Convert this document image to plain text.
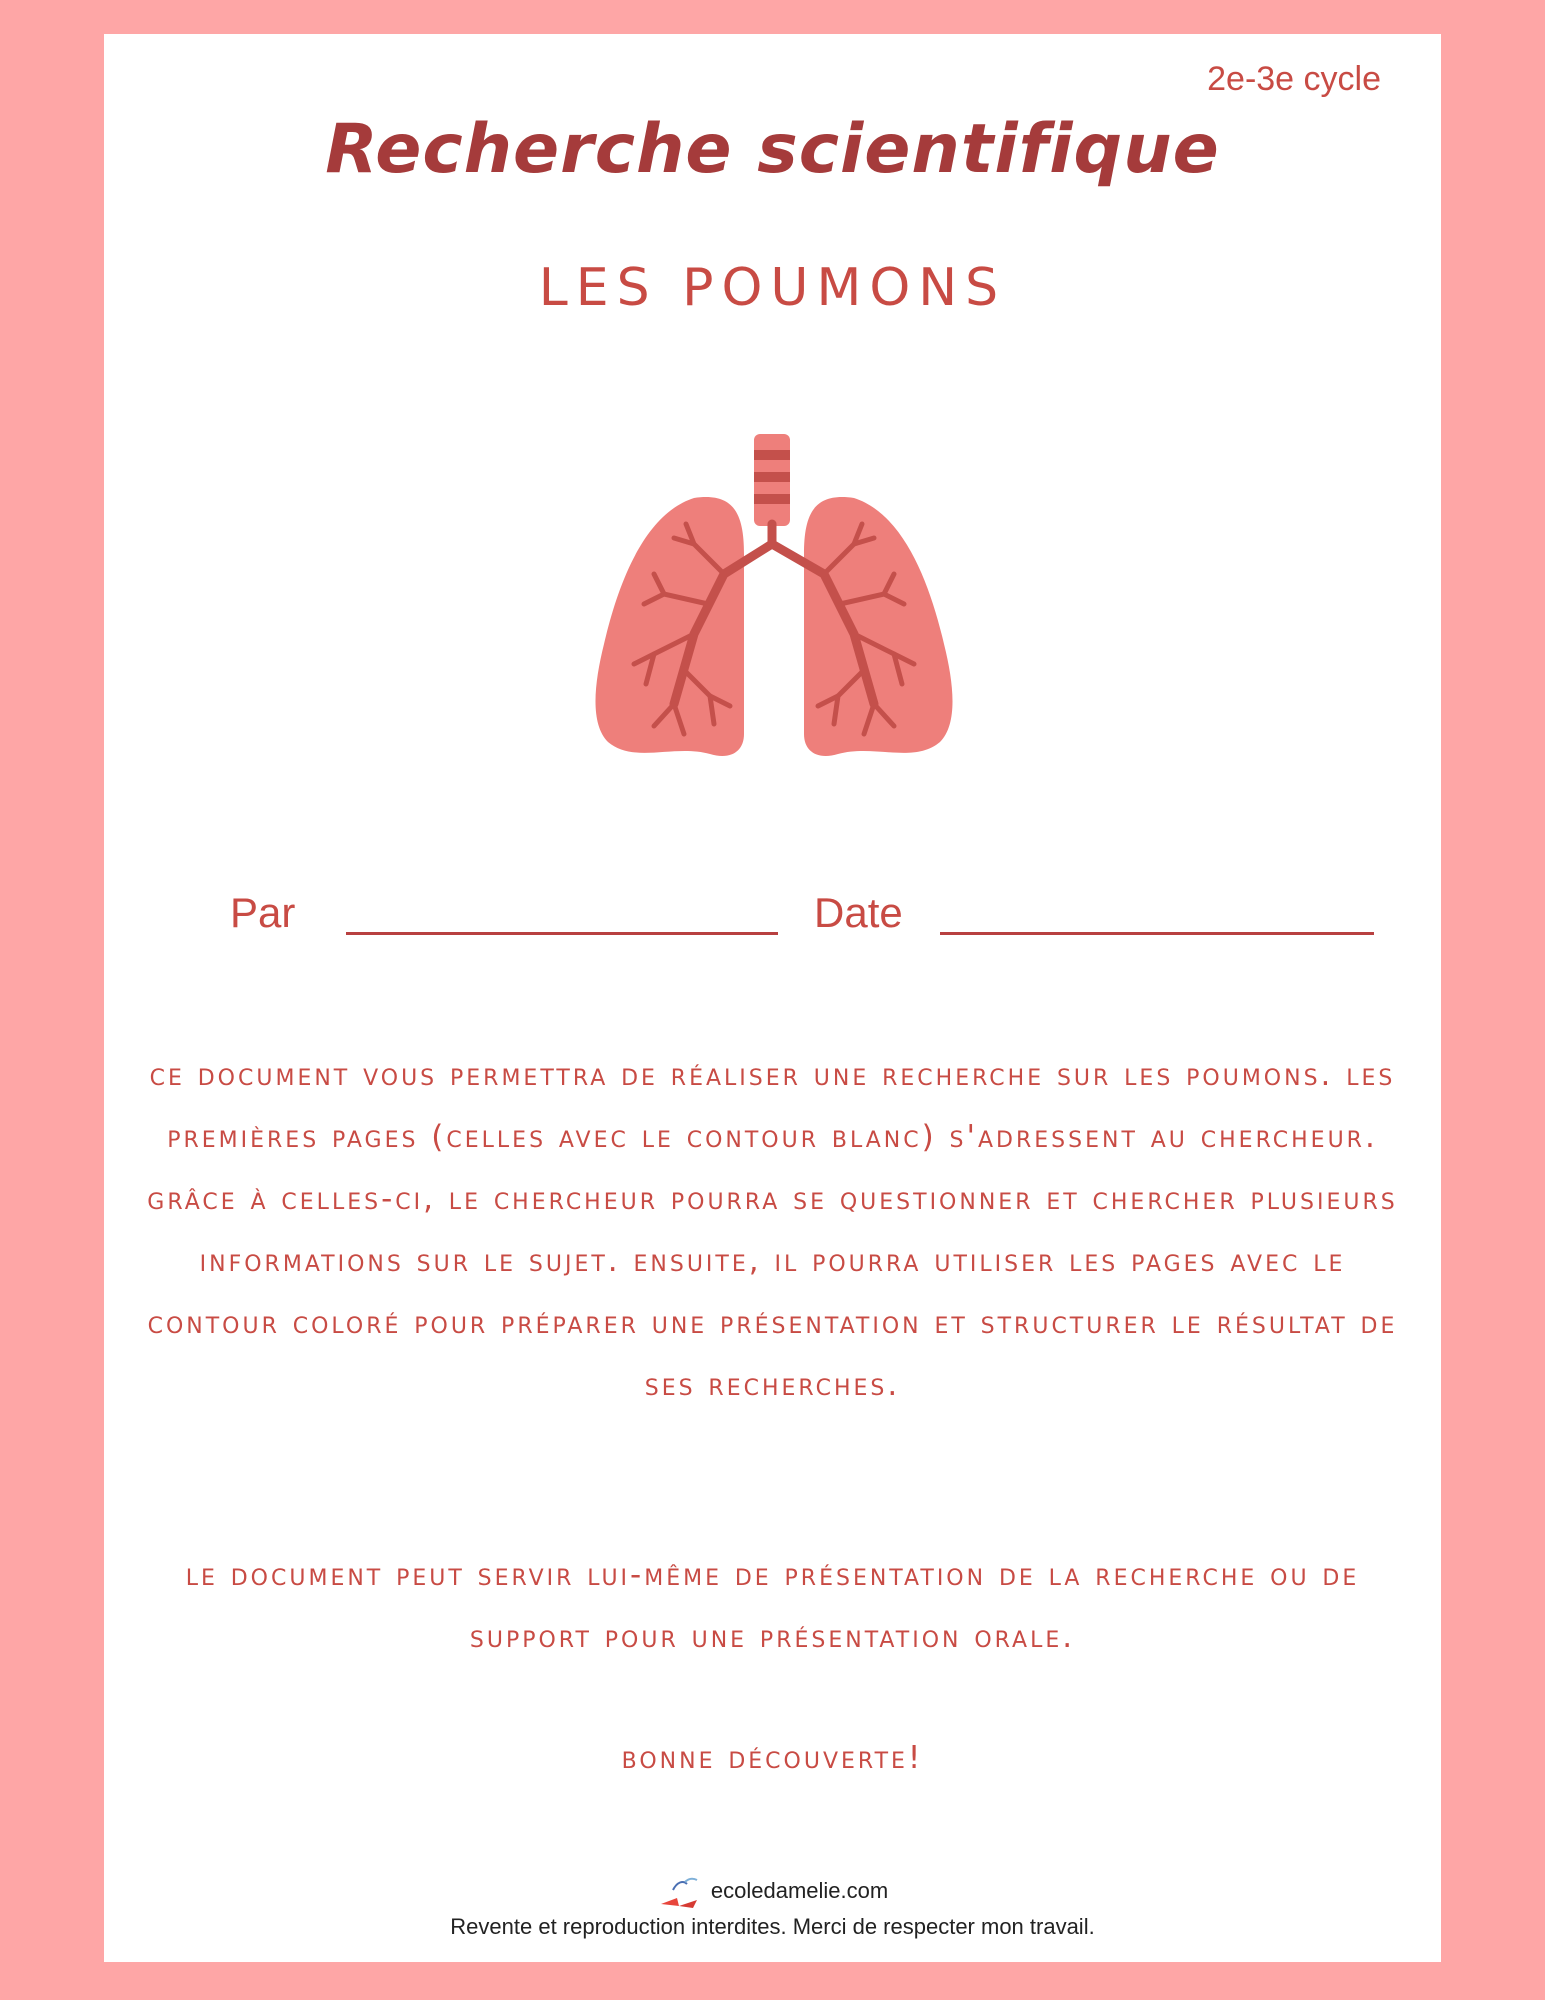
2e-3e cycle
Recherche scientifique
LES POUMONS
Par	Date
ce document vous permettra de réaliser une recherche sur les poumons. les premières pages (celles avec le contour blanc) s'adressent au chercheur. grâce à celles-ci, le chercheur pourra se questionner et chercher plusieurs informations sur le sujet. ensuite, il pourra utiliser les pages avec le contour coloré pour préparer une présentation et structurer le résultat de ses recherches.
le document peut servir lui-même de présentation de la recherche ou de support pour une présentation orale.
bonne découverte!
ecoledamelie.com
Revente et reproduction interdites. Merci de respecter mon travail.
